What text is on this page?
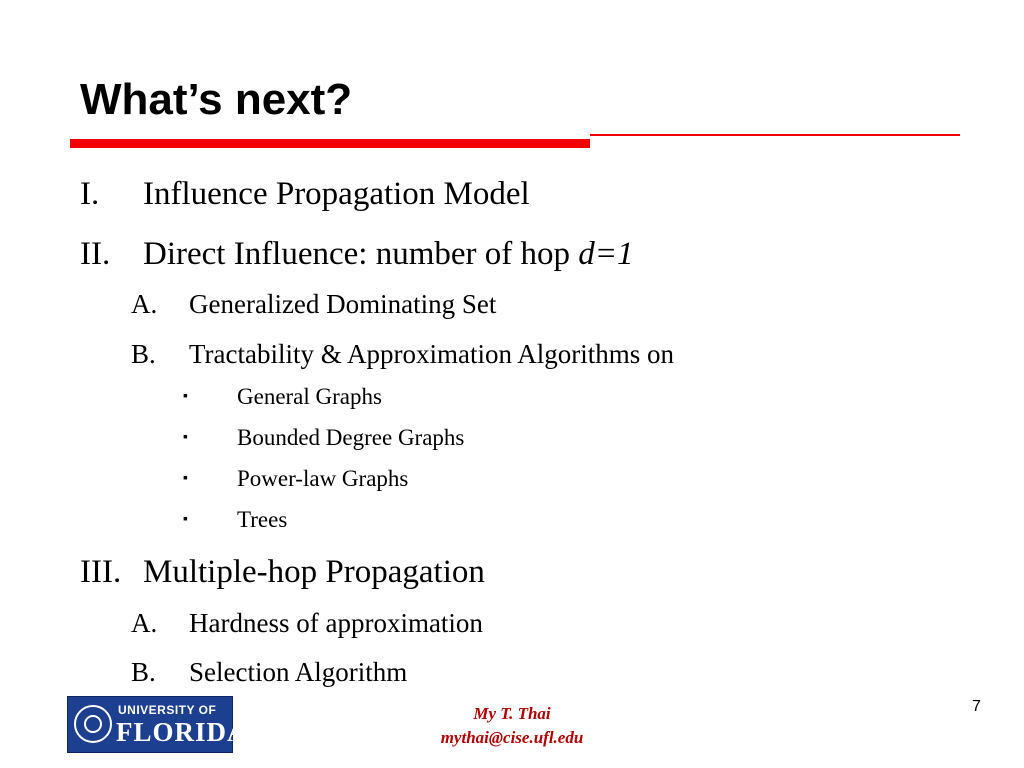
What’s next?
I. Influence Propagation Model
II. Direct Influence: number of hop d=1
A. Generalized Dominating Set
B. Tractability & Approximation Algorithms on
▪ General Graphs
▪ Bounded Degree Graphs
▪ Power-law Graphs
▪ Trees
III. Multiple-hop Propagation
A. Hardness of approximation
B. Selection Algorithm
UNIVERSITY OF
FLORIDA
My T. Thai
mythai@cise.ufl.edu
7
